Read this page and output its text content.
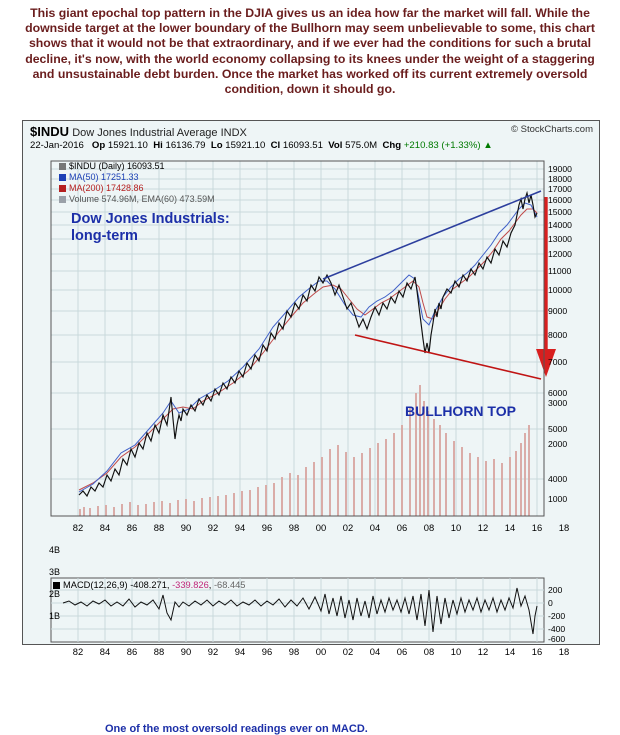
This giant epochal top pattern in the DJIA gives us an idea how far the market will fall. While the downside target at the lower boundary of the Bullhorn may seem unbelievable to some, this chart shows that it would not be that extraordinary, and if we ever had the conditions for such a brutal decline, it's now, with the world economy collapsing to its knees under the weight of a staggering and unsustainable debt burden. Once the market has worked off its current extremely oversold condition, down it should go.
$INDU Dow Jones Industrial Average INDX	© StockCharts.com
22-Jan-2016 Op 15921.10 Hi 16136.79 Lo 15921.10 Cl 16093.51 Vol 575.0M Chg +210.83 (+1.33%) ▲
$INDU (Daily) 16093.51
MA(50) 17251.33
MA(200) 17428.86
Volume 574.96M, EMA(60) 473.59M
19000
18000
17000
16000
15000
14000
13000
12000
11000
10000
9000
8000
7000
6000
5000
4000
3000
2000
1000
82 84 86 88 90 92 94 96 98 00 02 04 06 08 10 12 14 16 18
4B
3B
2B
1B
Dow Jones Industrials:
long-term
BULLHORN TOP
MACD(12,26,9) -408.271, -339.826, -68.445	200
0
-200
-400
-600
82 84 86 88 90 92 94 96 98 00 02 04 06 08 10 12 14 16 18
One of the most oversold readings ever on MACD.
